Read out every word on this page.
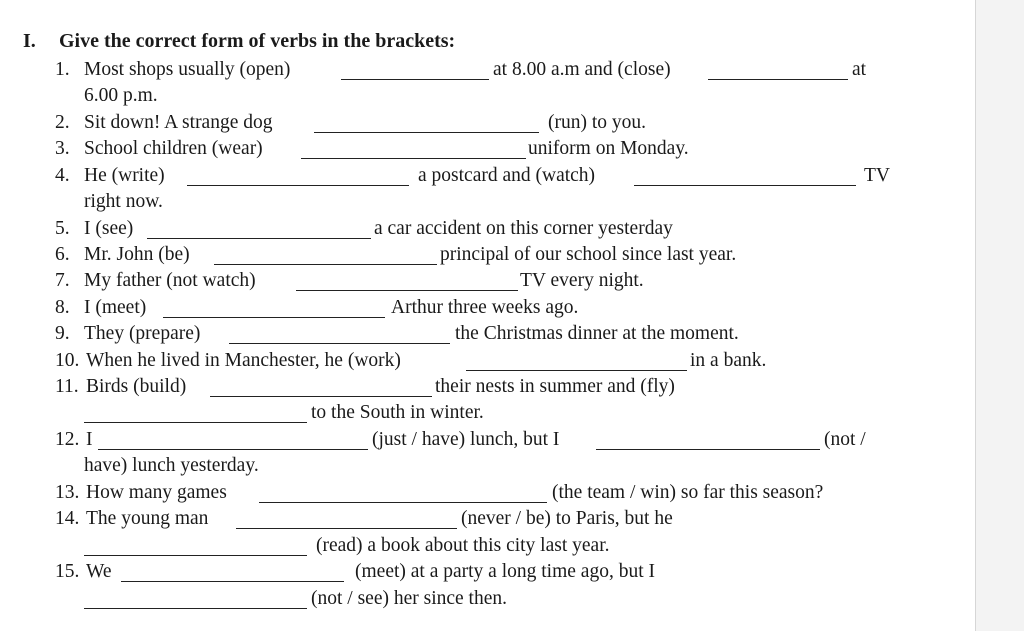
I. Give the correct form of verbs in the brackets:
1. Most shops usually (open)	at 8.00 a.m and (close)	at
6.00 p.m.
2. Sit down! A strange dog	(run) to you.
3. School children (wear)	uniform on Monday.
4. He (write)	a postcard and (watch)	TV
right now.
5. I (see)	a car accident on this corner yesterday
6. Mr. John (be)	principal of our school since last year.
7. My father (not watch)	TV every night.
8. I (meet)	Arthur three weeks ago.
9. They (prepare)	the Christmas dinner at the moment.
10. When he lived in Manchester, he (work)	in a bank.
11. Birds (build)	their nests in summer and (fly)
to the South in winter.
12. I	(just / have) lunch, but I	(not /
have) lunch yesterday.
13. How many games	(the team / win) so far this season?
14. The young man	(never / be) to Paris, but he
(read) a book about this city last year.
15. We	(meet) at a party a long time ago, but I
(not / see) her since then.
